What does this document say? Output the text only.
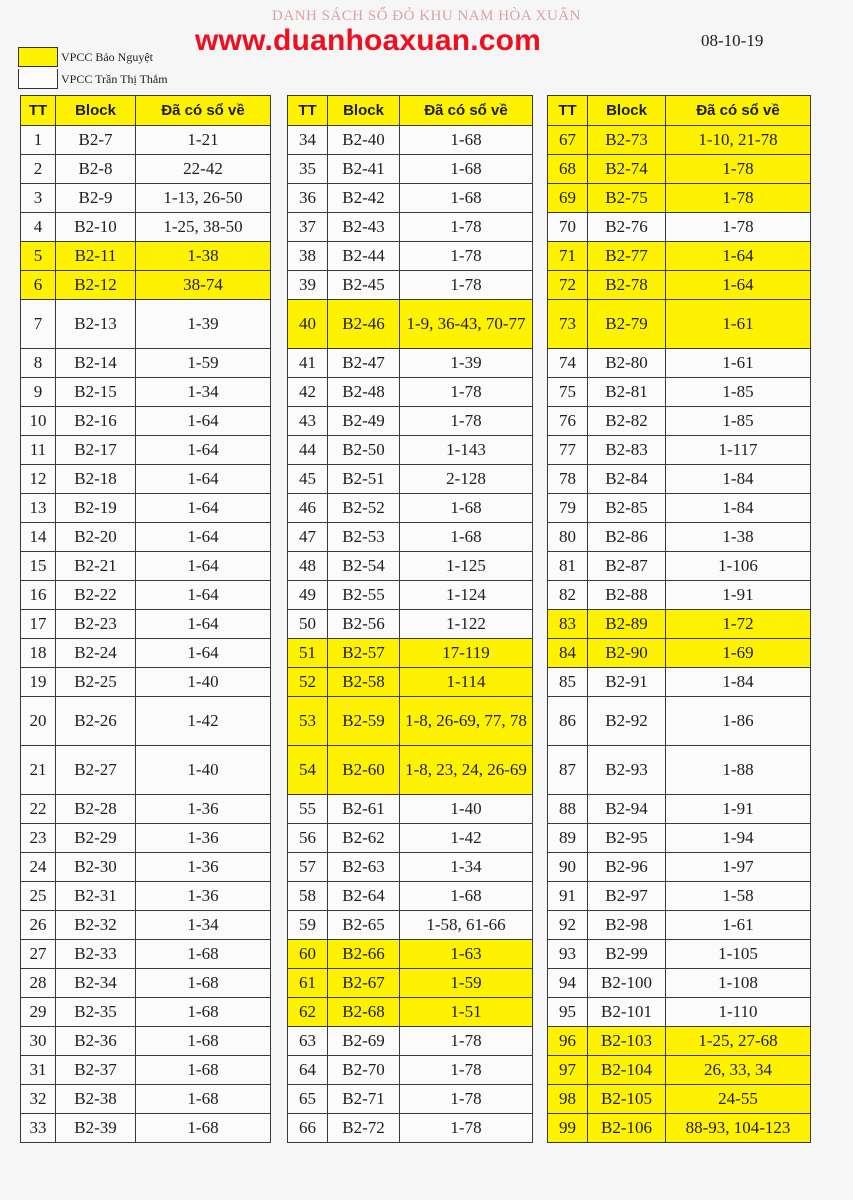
DANH SÁCH SỔ ĐỎ KHU NAM HÒA XUÂN
www.duanhoaxuan.com	08-10-19
VPCC Bảo Nguyệt
VPCC Trần Thị Thắm
TT	Block	Đã có sổ về
1	B2-7	1-21
2	B2-8	22-42
3	B2-9	1-13, 26-50
4	B2-10	1-25, 38-50
5	B2-11	1-38
6	B2-12	38-74
7	B2-13	1-39
8	B2-14	1-59
9	B2-15	1-34
10	B2-16	1-64
11	B2-17	1-64
12	B2-18	1-64
13	B2-19	1-64
14	B2-20	1-64
15	B2-21	1-64
16	B2-22	1-64
17	B2-23	1-64
18	B2-24	1-64
19	B2-25	1-40
20	B2-26	1-42
21	B2-27	1-40
22	B2-28	1-36
23	B2-29	1-36
24	B2-30	1-36
25	B2-31	1-36
26	B2-32	1-34
27	B2-33	1-68
28	B2-34	1-68
29	B2-35	1-68
30	B2-36	1-68
31	B2-37	1-68
32	B2-38	1-68
33	B2-39	1-68
TT	Block	Đã có sổ về
34	B2-40	1-68
35	B2-41	1-68
36	B2-42	1-68
37	B2-43	1-78
38	B2-44	1-78
39	B2-45	1-78
40	B2-46	1-9, 36-43, 70-77
41	B2-47	1-39
42	B2-48	1-78
43	B2-49	1-78
44	B2-50	1-143
45	B2-51	2-128
46	B2-52	1-68
47	B2-53	1-68
48	B2-54	1-125
49	B2-55	1-124
50	B2-56	1-122
51	B2-57	17-119
52	B2-58	1-114
53	B2-59	1-8, 26-69, 77, 78
54	B2-60	1-8, 23, 24, 26-69
55	B2-61	1-40
56	B2-62	1-42
57	B2-63	1-34
58	B2-64	1-68
59	B2-65	1-58, 61-66
60	B2-66	1-63
61	B2-67	1-59
62	B2-68	1-51
63	B2-69	1-78
64	B2-70	1-78
65	B2-71	1-78
66	B2-72	1-78
TT	Block	Đã có sổ về
67	B2-73	1-10, 21-78
68	B2-74	1-78
69	B2-75	1-78
70	B2-76	1-78
71	B2-77	1-64
72	B2-78	1-64
73	B2-79	1-61
74	B2-80	1-61
75	B2-81	1-85
76	B2-82	1-85
77	B2-83	1-117
78	B2-84	1-84
79	B2-85	1-84
80	B2-86	1-38
81	B2-87	1-106
82	B2-88	1-91
83	B2-89	1-72
84	B2-90	1-69
85	B2-91	1-84
86	B2-92	1-86
87	B2-93	1-88
88	B2-94	1-91
89	B2-95	1-94
90	B2-96	1-97
91	B2-97	1-58
92	B2-98	1-61
93	B2-99	1-105
94	B2-100	1-108
95	B2-101	1-110
96	B2-103	1-25, 27-68
97	B2-104	26, 33, 34
98	B2-105	24-55
99	B2-106	88-93, 104-123
